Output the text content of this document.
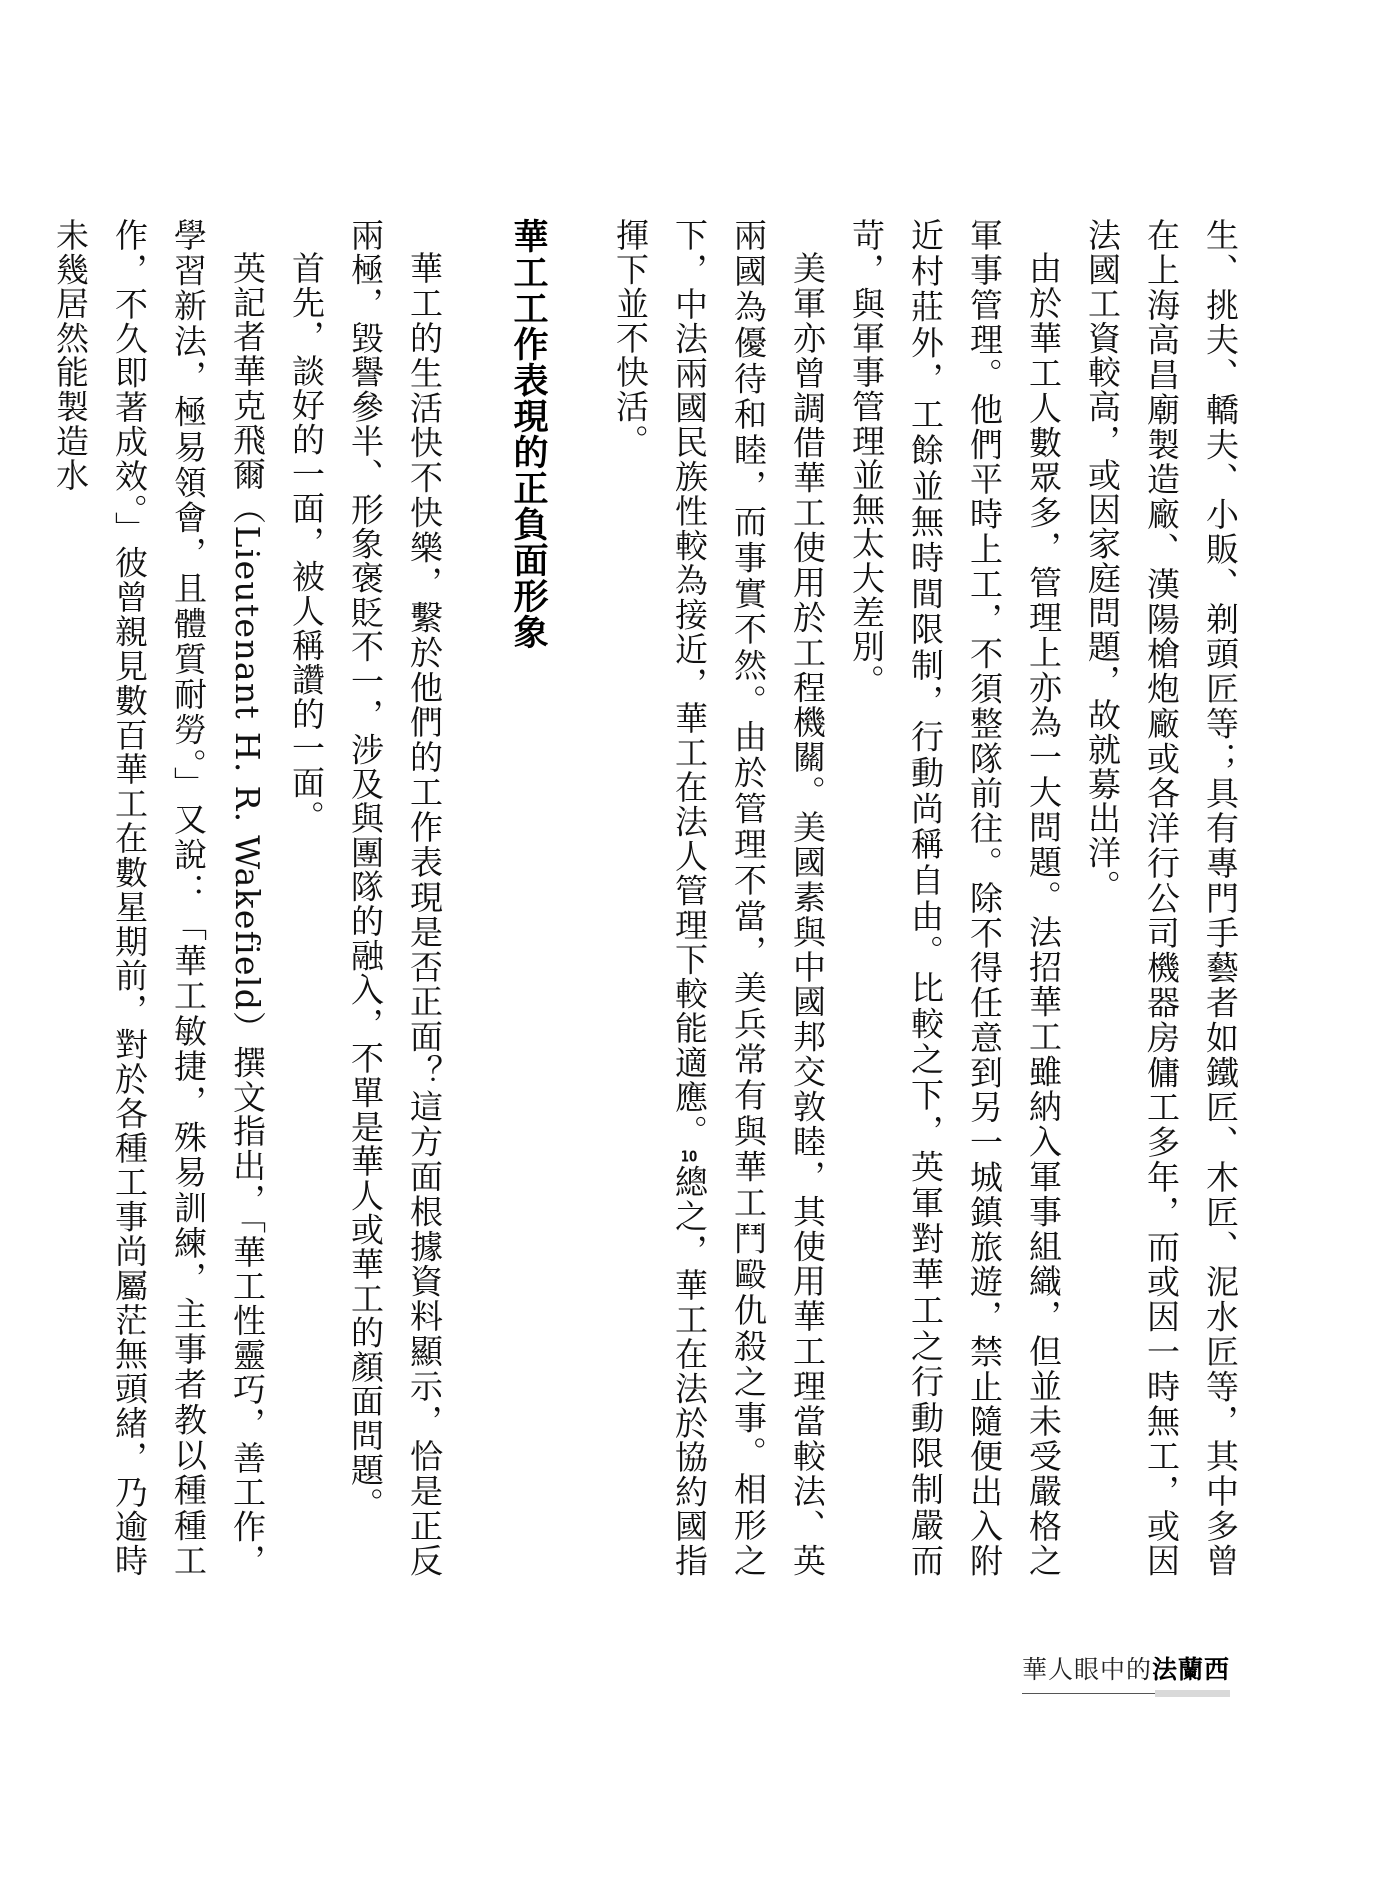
生、挑夫、轎夫、小販、剃頭匠等；具有專門手藝者如鐵匠、木匠、泥水匠等，其中多曾在上海高昌廟製造廠、漢陽槍炮廠或各洋行公司機器房傭工多年，而或因一時無工，或因法國工資較高，或因家庭問題，故就募出洋。

由於華工人數眾多，管理上亦為一大問題。法招華工雖納入軍事組織，但並未受嚴格之軍事管理。他們平時上工，不須整隊前往。除不得任意到另一城鎮旅遊，禁止隨便出入附近村莊外，工餘並無時間限制，行動尚稱自由。比較之下，英軍對華工之行動限制嚴而苛，與軍事管理並無太大差別。

美軍亦曾調借華工使用於工程機關。美國素與中國邦交敦睦，其使用華工理當較法、英兩國為優待和睦，而事實不然。由於管理不當，美兵常有與華工鬥毆仇殺之事。相形之下，中法兩國民族性較為接近，華工在法人管理下較能適應。10總之，華工在法於協約國指揮下並不快活。

華工工作表現的正負面形象

華工的生活快不快樂，繫於他們的工作表現是否正面？這方面根據資料顯示，恰是正反兩極，毀譽參半、形象褒貶不一，涉及與團隊的融入，不單是華人或華工的顏面問題。

首先，談好的一面，被人稱讚的一面。

英記者華克飛爾（Lieutenant H. R. Wakefield）撰文指出，「華工性靈巧，善工作，學習新法，極易領會，且體質耐勞。」又說：「華工敏捷，殊易訓練，主事者教以種種工作，不久即著成效。」彼曾親見數百華工在數星期前，對於各種工事尚屬茫無頭緒，乃逾時未幾居然能製造水

華人眼中的法蘭西
